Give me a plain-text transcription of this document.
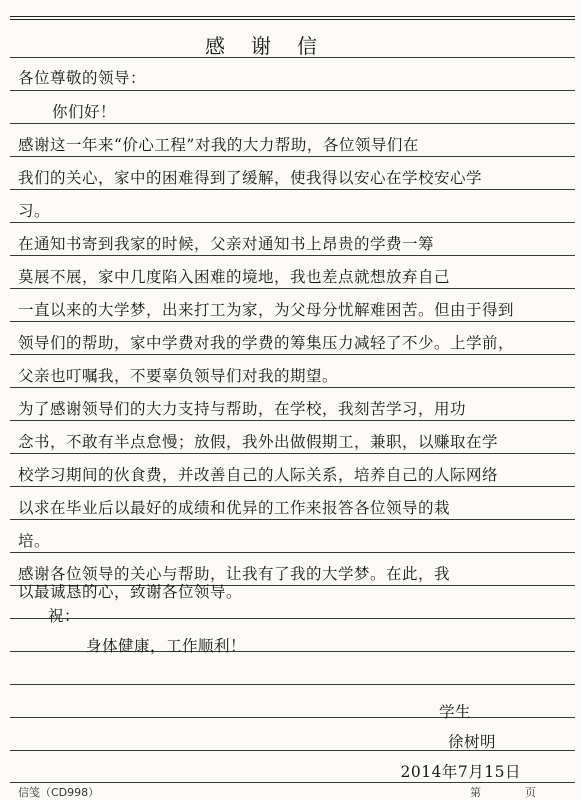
感谢信
各位尊敬的领导：
你们好！
感谢这一年来“价心工程”对我的大力帮助，各位领导们在
我们的关心，家中的困难得到了缓解，使我得以安心在学校安心学
习。
在通知书寄到我家的时候，父亲对通知书上昂贵的学费一筹
莫展不展，家中几度陷入困难的境地，我也差点就想放弃自己
一直以来的大学梦，出来打工为家，为父母分忧解难困苦。但由于得到
领导们的帮助，家中学费对我的学费的筹集压力减轻了不少。上学前，
父亲也叮嘱我，不要辜负领导们对我的期望。
为了感谢领导们的大力支持与帮助，在学校，我刻苦学习，用功
念书，不敢有半点怠慢；放假，我外出做假期工，兼职，以赚取在学
校学习期间的伙食费，并改善自己的人际关系，培养自己的人际网络
以求在毕业后以最好的成绩和优异的工作来报答各位领导的栽
培。
感谢各位领导的关心与帮助，让我有了我的大学梦。在此，我
以最诚恳的心，致谢各位领导。
祝：
身体健康，工作顺利！
学生
徐树明
2014年7月15日
信笺（CD998）	第	页
